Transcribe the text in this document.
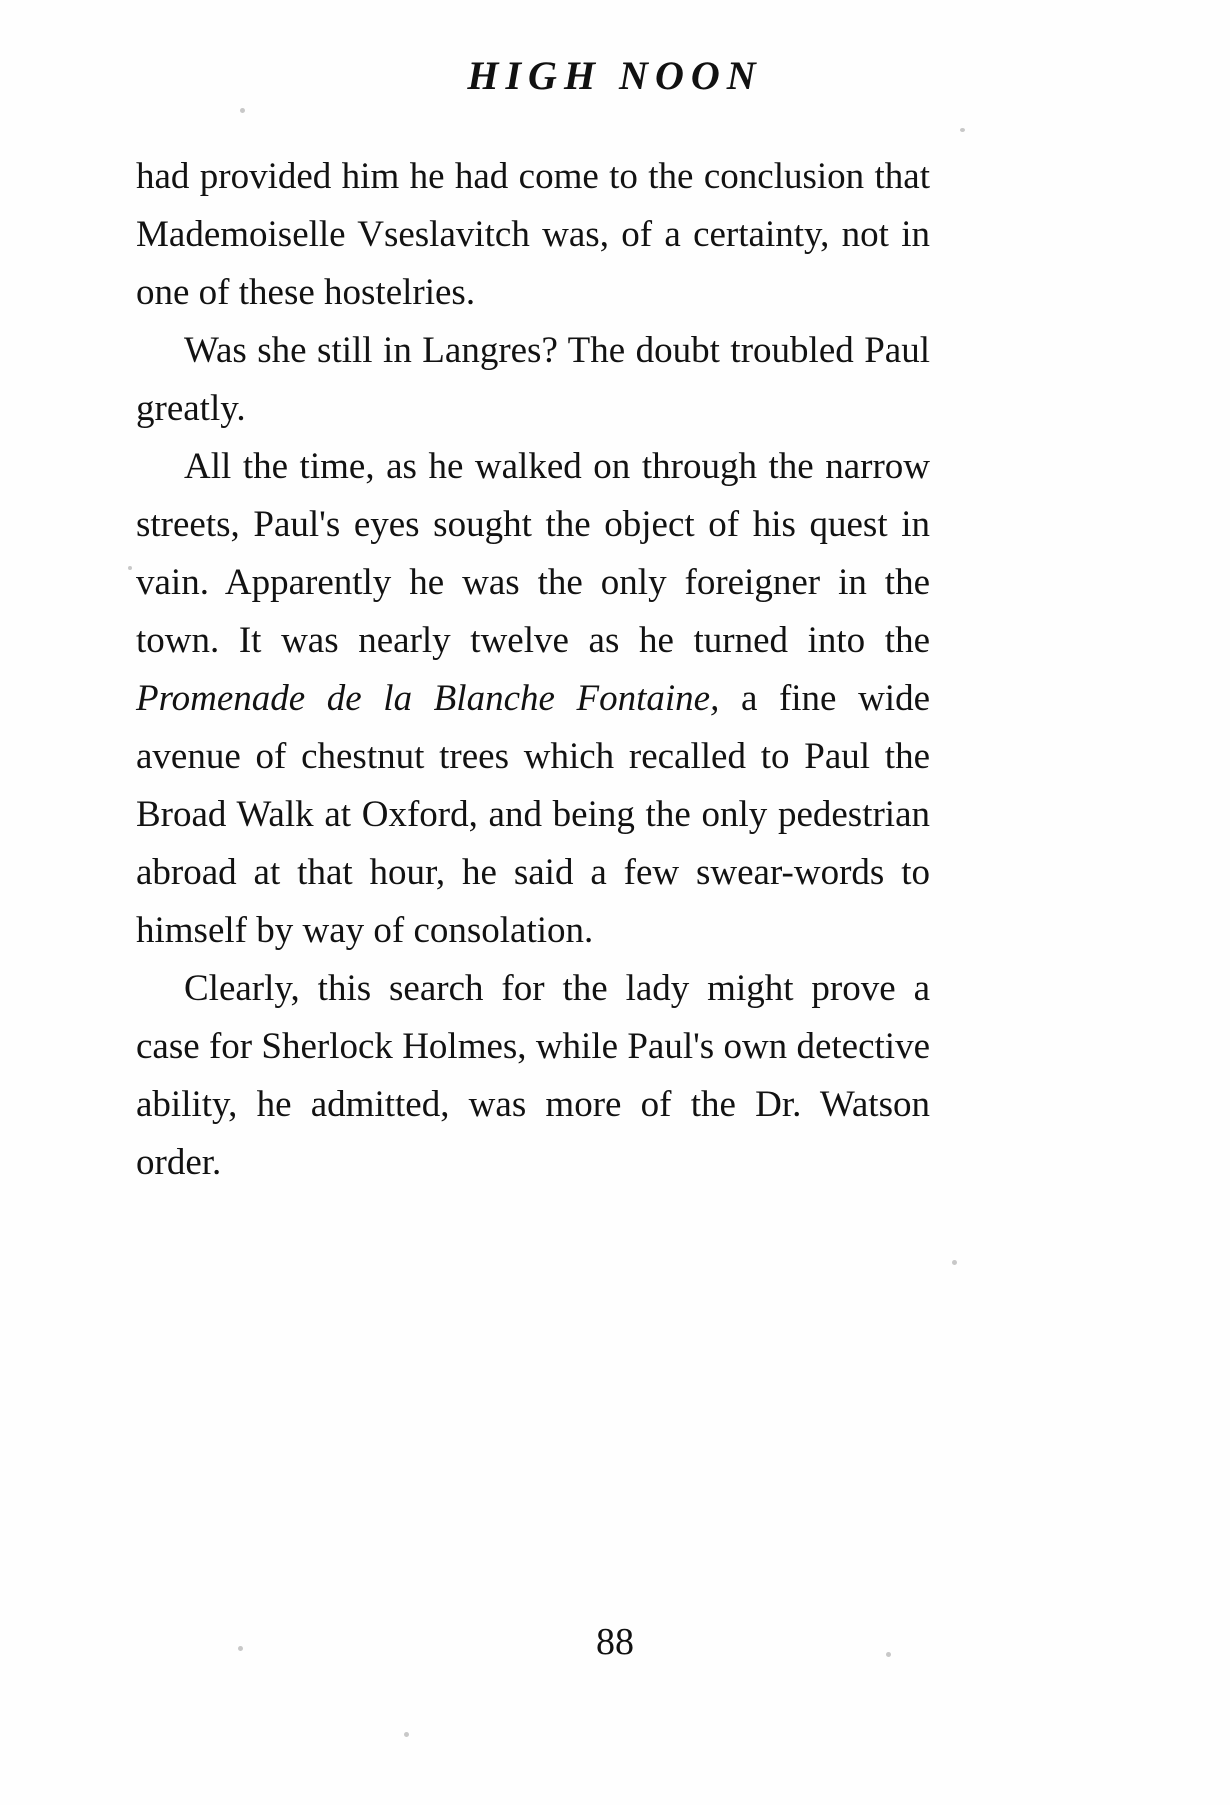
HIGH NOON

had provided him he had come to the conclusion that Mademoiselle Vseslavitch was, of a certainty, not in one of these hostelries.

Was she still in Langres? The doubt troubled Paul greatly.

All the time, as he walked on through the narrow streets, Paul's eyes sought the object of his quest in vain. Apparently he was the only foreigner in the town. It was nearly twelve as he turned into the Promenade de la Blanche Fontaine, a fine wide avenue of chestnut trees which recalled to Paul the Broad Walk at Oxford, and being the only pedestrian abroad at that hour, he said a few swear-words to himself by way of consolation.

Clearly, this search for the lady might prove a case for Sherlock Holmes, while Paul's own detective ability, he admitted, was more of the Dr. Watson order.

88
